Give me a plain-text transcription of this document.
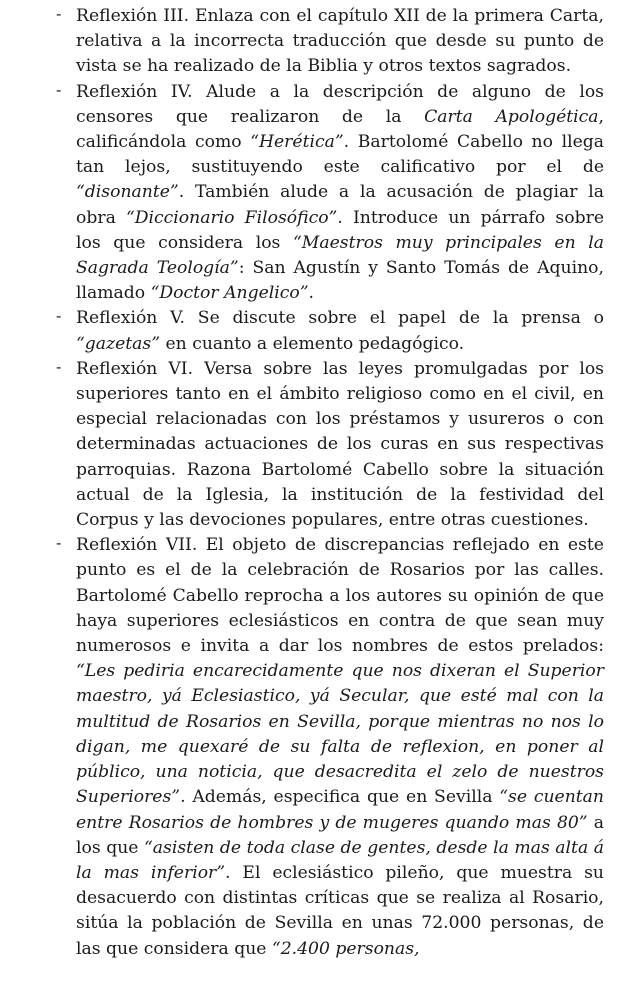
- Reflexión III. Enlaza con el capítulo XII de la primera Carta, relativa a la incorrecta traducción que desde su punto de vista se ha realizado de la Biblia y otros textos sagrados.

- Reflexión IV. Alude a la descripción de alguno de los censores que realizaron de la Carta Apologética, calificándola como “Herética”. Bartolomé Cabello no llega tan lejos, sustituyendo este calificativo por el de “disonante”. También alude a la acusación de plagiar la obra “Diccionario Filosófico”. Introduce un párrafo sobre los que considera los “Maestros muy principales en la Sagrada Teología”: San Agustín y Santo Tomás de Aquino, llamado “Doctor Angelico”.

- Reflexión V. Se discute sobre el papel de la prensa o “gazetas” en cuanto a elemento pedagógico.

- Reflexión VI. Versa sobre las leyes promulgadas por los superiores tanto en el ámbito religioso como en el civil, en especial relacionadas con los préstamos y usureros o con determinadas actuaciones de los curas en sus respectivas parroquias. Razona Bartolomé Cabello sobre la situación actual de la Iglesia, la institución de la festividad del Corpus y las devociones populares, entre otras cuestiones.

- Reflexión VII. El objeto de discrepancias reflejado en este punto es el de la celebración de Rosarios por las calles. Bartolomé Cabello reprocha a los autores su opinión de que haya superiores eclesiásticos en contra de que sean muy numerosos e invita a dar los nombres de estos prelados: “Les pediria encarecidamente que nos dixeran el Superior maestro, yá Eclesiastico, yá Secular, que esté mal con la multitud de Rosarios en Sevilla, porque mientras no nos lo digan, me quexaré de su falta de reflexion, en poner al público, una noticia, que desacredita el zelo de nuestros Superiores”. Además, especifica que en Sevilla “se cuentan entre Rosarios de hombres y de mugeres quando mas 80” a los que “asisten de toda clase de gentes, desde la mas alta á la mas inferior”. El eclesiástico pileño, que muestra su desacuerdo con distintas críticas que se realiza al Rosario, sitúa la población de Sevilla en unas 72.000 personas, de las que considera que “2.400 personas,
